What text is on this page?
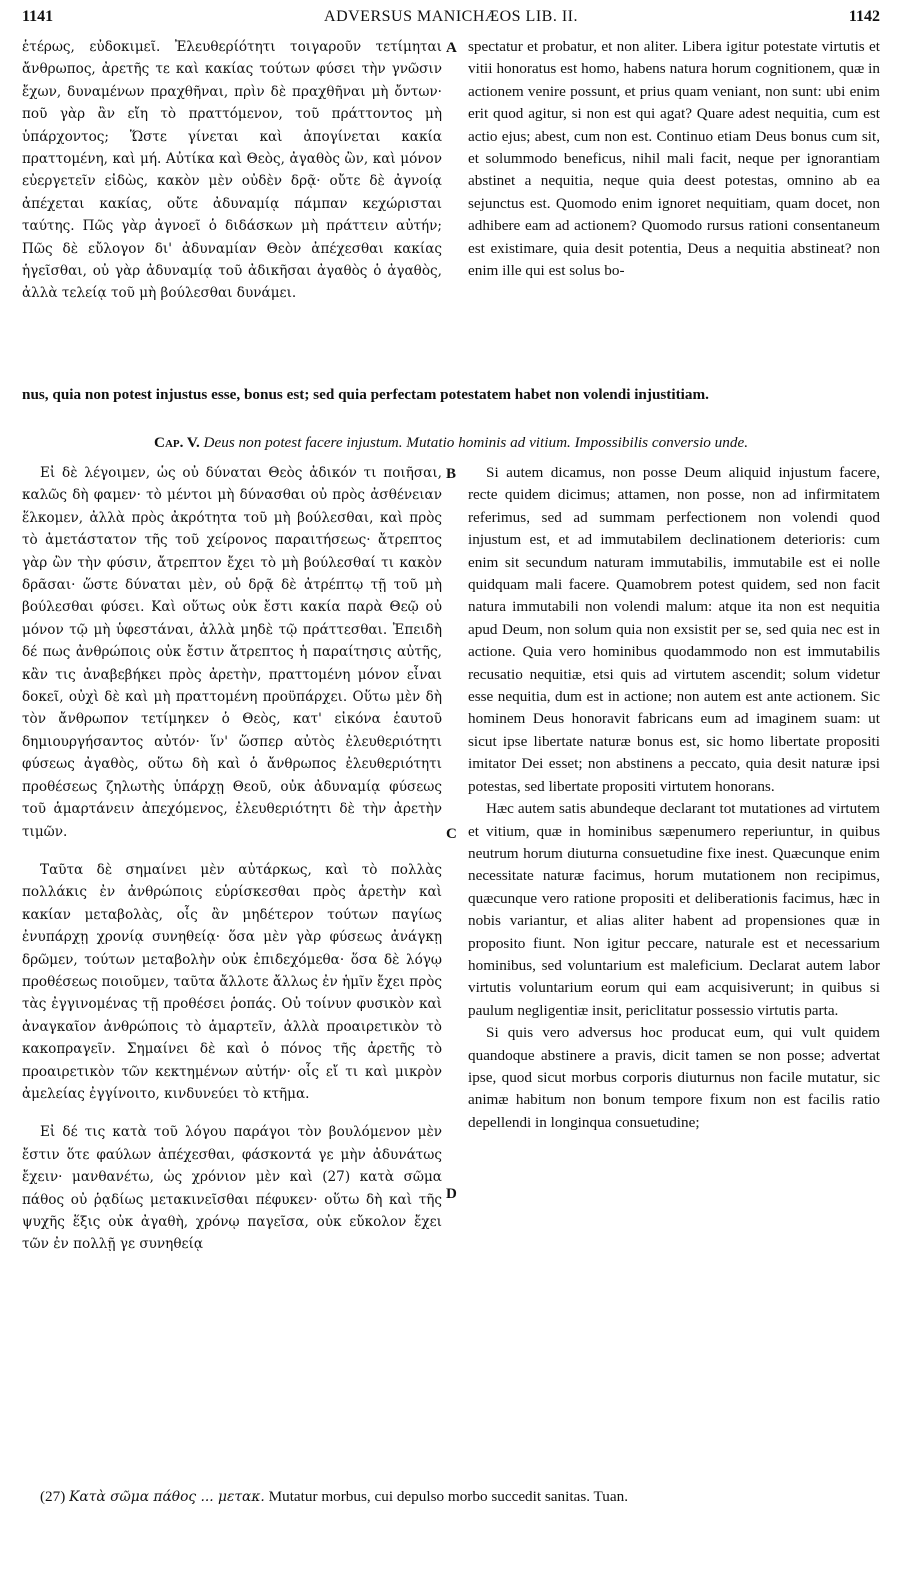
1141	ADVERSUS MANICHÆOS LIB. II.	1142

ἑτέρως, εὐδοκιμεῖ. Ἐλευθερίότητι τοιγαροῦν τετίμηται ἄνθρωπος, ἀρετῆς τε καὶ κακίας τούτων φύσει τὴν γνῶσιν ἔχων, δυναμένων πραχθῆναι, πρὶν δὲ πραχθῆναι μὴ ὄντων· ποῦ γὰρ ἂν εἴη τὸ πραττόμενον, τοῦ πράττοντος μὴ ὑπάρχοντος; Ὥστε γίνεται καὶ ἀπογίνεται κακία πραττομένη, καὶ μή. Αὐτίκα καὶ Θεὸς, ἀγαθὸς ὢν, καὶ μόνον εὐεργετεῖν εἰδὼς, κακὸν μὲν οὐδὲν δρᾷ· οὔτε δὲ ἀγνοίᾳ ἀπέχεται κακίας, οὔτε ἀδυναμίᾳ πάμπαν κεχώρισται ταύτης. Πῶς γὰρ ἀγνοεῖ ὁ διδάσκων μὴ πράττειν αὐτήν; Πῶς δὲ εὔλογον δι' ἀδυναμίαν Θεὸν ἀπέχεσθαι κακίας ἡγεῖσθαι, οὐ γὰρ ἀδυναμίᾳ τοῦ ἀδικῆσαι ἀγαθὸς ὁ ἀγαθὸς, ἀλλὰ τελείᾳ τοῦ μὴ βούλεσθαι δυνάμει.

A spectatur et probatur, et non aliter. Libera igitur potestate virtutis et vitii honoratus est homo, habens natura horum cognitionem, quæ in actionem venire possunt, et prius quam veniant, non sunt: ubi enim erit quod agitur, si non est qui agat? Quare adest nequitia, cum est actio ejus; abest, cum non est. Continuo etiam Deus bonus cum sit, et solummodo beneficus, nihil mali facit, neque per ignorantiam abstinet a nequitia, neque quia deest potestas, omnino ab ea sejunctus est. Quomodo enim ignoret nequitiam, quam docet, non adhibere eam ad actionem? Quomodo rursus rationi consentaneum est existimare, quia desit potentia, Deus a nequitia abstineat? non enim ille qui est solus bo-

nus, quia non potest injustus esse, bonus est; sed quia perfectam potestatem habet non volendi injustitiam.
Cap. V. Deus non potest facere injustum. Mutatio hominis ad vitium. Impossibilis conversio unde.

Εἰ δὲ λέγοιμεν, ὡς οὐ δύναται Θεὸς ἀδικόν τι ποιῆσαι, καλῶς δὴ φαμεν· τὸ μέντοι μὴ δύνασθαι οὐ πρὸς ἀσθένειαν ἕλκομεν, ἀλλὰ πρὸς ἀκρότητα τοῦ μὴ βούλεσθαι, καὶ πρὸς τὸ ἀμετάστατον τῆς τοῦ χείρονος παραιτήσεως· ἄτρεπτος γὰρ ὢν τὴν φύσιν, ἄτρεπτον ἔχει τὸ μὴ βούλεσθαί τι κακὸν δρᾶσαι· ὥστε δύναται μὲν, οὐ δρᾷ δὲ ἀτρέπτῳ τῇ τοῦ μὴ βούλεσθαι φύσει. Καὶ οὕτως οὐκ ἔστι κακία παρὰ Θεῷ οὐ μόνον τῷ μὴ ὑφεστάναι, ἀλλὰ μηδὲ τῷ πράττεσθαι. Ἐπειδὴ δέ πως ἀνθρώποις οὐκ ἔστιν ἄτρεπτος ἡ παραίτησις αὐτῆς, κἂν τις ἀναβεβήκει πρὸς ἀρετὴν, πραττομένη μόνον εἶναι δοκεῖ, οὐχὶ δὲ καὶ μὴ πραττομένη προϋπάρχει. Οὕτω μὲν δὴ τὸν ἄνθρωπον τετίμηκεν ὁ Θεὸς, κατ' εἰκόνα ἑαυτοῦ δημιουργήσαντος αὐτόν· ἵν' ὥσπερ αὐτὸς ἐλευθεριότητι φύσεως ἀγαθὸς, οὕτω δὴ καὶ ὁ ἄνθρωπος ἐλευθεριότητι προθέσεως ζηλωτὴς ὑπάρχῃ Θεοῦ, οὐκ ἀδυναμίᾳ φύσεως τοῦ ἁμαρτάνειν ἀπεχόμενος, ἐλευθεριότητι δὲ τὴν ἀρετὴν τιμῶν.

Ταῦτα δὲ σημαίνει μὲν αὐτάρκως, καὶ τὸ πολλὰς πολλάκις ἐν ἀνθρώποις εὑρίσκεσθαι πρὸς ἀρετὴν καὶ κακίαν μεταβολὰς, οἷς ἂν μηδέτερον τούτων παγίως ἐνυπάρχῃ χρονίᾳ συνηθείᾳ· ὅσα μὲν γὰρ φύσεως ἀνάγκῃ δρῶμεν, τούτων μεταβολὴν οὐκ ἐπιδεχόμεθα· ὅσα δὲ λόγῳ προθέσεως ποιοῦμεν, ταῦτα ἄλλοτε ἄλλως ἐν ἡμῖν ἔχει πρὸς τὰς ἐγγινομένας τῇ προθέσει ῥοπάς. Οὐ τοίνυν φυσικὸν καὶ ἀναγκαῖον ἀνθρώποις τὸ ἁμαρτεῖν, ἀλλὰ προαιρετικὸν τὸ κακοπραγεῖν. Σημαίνει δὲ καὶ ὁ πόνος τῆς ἀρετῆς τὸ προαιρετικὸν τῶν κεκτημένων αὐτήν· οἷς εἴ τι καὶ μικρὸν ἀμελείας ἐγγίνοιτο, κινδυνεύει τὸ κτῆμα.

Εἰ δέ τις κατὰ τοῦ λόγου παράγοι τὸν βουλόμενον μὲν ἔστιν ὅτε φαύλων ἀπέχεσθαι, φάσκοντά γε μὴν ἀδυνάτως ἔχειν· μανθανέτω, ὡς χρόνιον μὲν καὶ (27) κατὰ σῶμα πάθος οὐ ῥᾳδίως μετακινεῖσθαι πέφυκεν· οὕτω δὴ καὶ τῆς ψυχῆς ἕξις οὐκ ἀγαθὴ, χρόνῳ παγεῖσα, οὐκ εὔκολον ἔχει τῶν ἐν πολλῇ γε συνηθείᾳ

B
C
D

Si autem dicamus, non posse Deum aliquid injustum facere, recte quidem dicimus; attamen, non posse, non ad infirmitatem referimus, sed ad summam perfectionem non volendi quod injustum est, et ad immutabilem declinationem deterioris: cum enim sit secundum naturam immutabilis, immutabile est ei nolle quidquam mali facere. Quamobrem potest quidem, sed non facit natura immutabili non volendi malum: atque ita non est nequitia apud Deum, non solum quia non exsistit per se, sed quia nec est in actione. Quia vero hominibus quodammodo non est immutabilis recusatio nequitiæ, etsi quis ad virtutem ascendit; solum videtur esse nequitia, dum est in actione; non autem est ante actionem. Sic hominem Deus honoravit fabricans eum ad imaginem suam: ut sicut ipse libertate naturæ bonus est, sic homo libertate propositi imitator Dei esset; non abstinens a peccato, quia desit naturæ ipsi potestas, sed libertate propositi virtutem honorans.

Hæc autem satis abundeque declarant tot mutationes ad virtutem et vitium, quæ in hominibus sæpenumero reperiuntur, in quibus neutrum horum diuturna consuetudine fixe inest. Quæcunque enim necessitate naturæ facimus, horum mutationem non recipimus, quæcunque vero ratione propositi et deliberationis facimus, hæc in nobis variantur, et alias aliter habent ad propensiones quæ in proposito fiunt. Non igitur peccare, naturale est et necessarium hominibus, sed voluntarium est maleficium. Declarat autem labor virtutis voluntarium eorum qui eam acquisiverunt; in quibus si paulum negligentiæ insit, periclitatur possessio virtutis parta.

Si quis vero adversus hoc producat eum, qui vult quidem quandoque abstinere a pravis, dicit tamen se non posse; advertat ipse, quod sicut morbus corporis diuturnus non facile mutatur, sic animæ habitum non bonum tempore fixum non est facilis ratio depellendi in longinqua consuetudine;

(27) Κατὰ σῶμα πάθος ... μετακ. Mutatur morbus, cui depulso morbo succedit sanitas. Tuan.
